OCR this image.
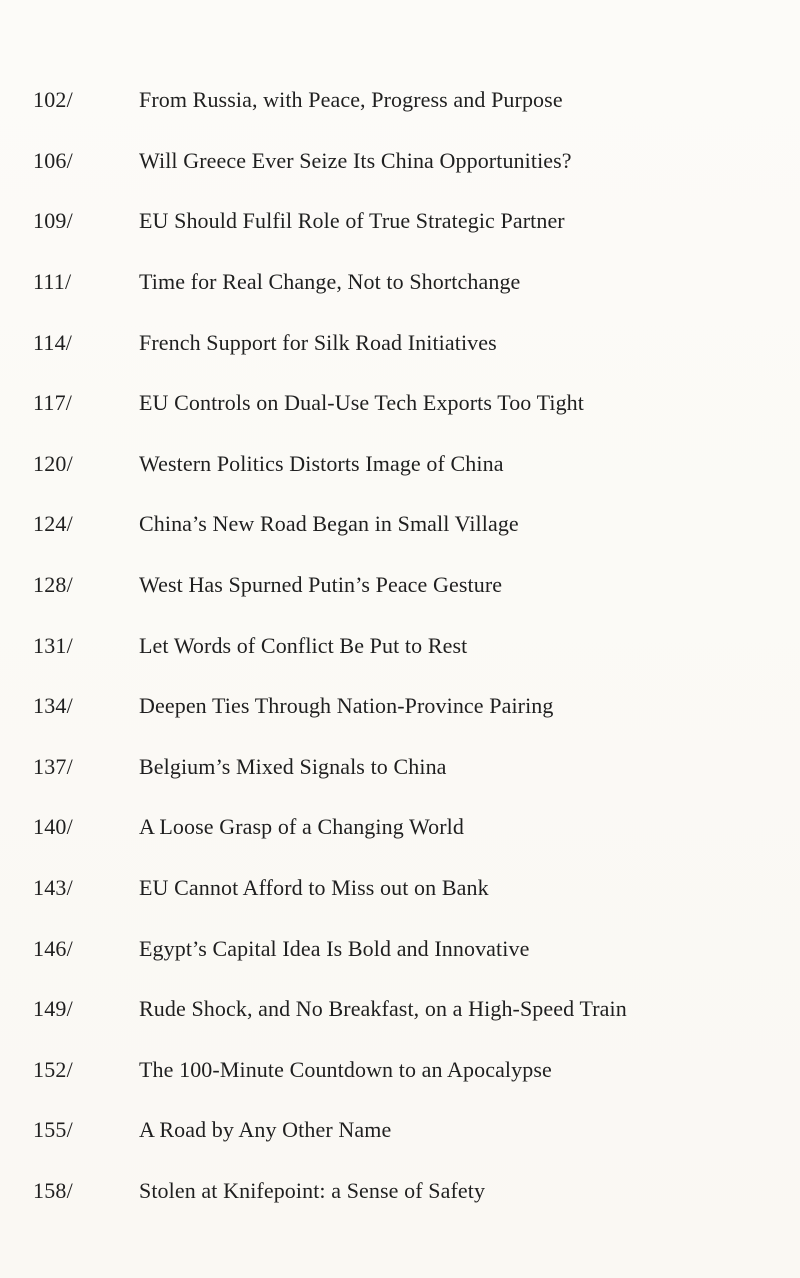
102/	From Russia, with Peace, Progress and Purpose
106/	Will Greece Ever Seize Its China Opportunities?
109/	EU Should Fulfil Role of True Strategic Partner
111/	Time for Real Change, Not to Shortchange
114/	French Support for Silk Road Initiatives
117/	EU Controls on Dual-Use Tech Exports Too Tight
120/	Western Politics Distorts Image of China
124/	China’s New Road Began in Small Village
128/	West Has Spurned Putin’s Peace Gesture
131/	Let Words of Conflict Be Put to Rest
134/	Deepen Ties Through Nation-Province Pairing
137/	Belgium’s Mixed Signals to China
140/	A Loose Grasp of a Changing World
143/	EU Cannot Afford to Miss out on Bank
146/	Egypt’s Capital Idea Is Bold and Innovative
149/	Rude Shock, and No Breakfast, on a High-Speed Train
152/	The 100-Minute Countdown to an Apocalypse
155/	A Road by Any Other Name
158/	Stolen at Knifepoint: a Sense of Safety
